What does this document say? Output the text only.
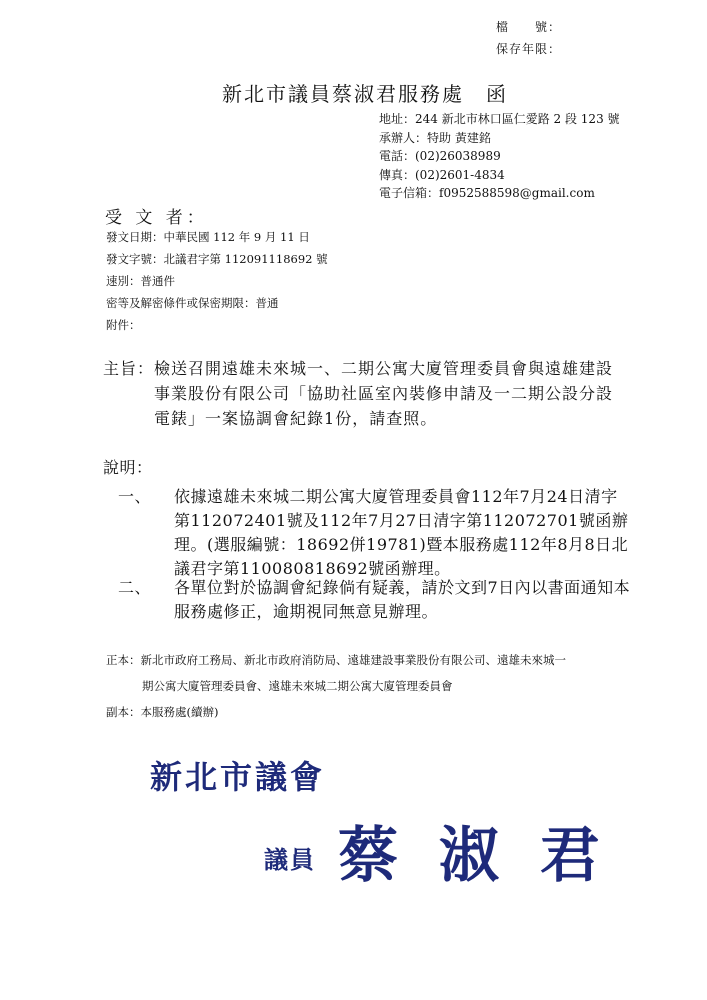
檔　　號：
保存年限：
新北市議員蔡淑君服務處　函
地址：244 新北市林口區仁愛路 2 段 123 號
承辦人：特助 黃建銘
電話：(02)26038989
傳真：(02)2601-4834
電子信箱：f0952588598@gmail.com
受 文 者：
發文日期：中華民國 112 年 9 月 11 日
發文字號：北議君字第 112091118692 號
速別：普通件
密等及解密條件或保密期限：普通
附件：
主旨：檢送召開遠雄未來城一、二期公寓大廈管理委員會與遠雄建設事業股份有限公司「協助社區室內裝修申請及一二期公設分設電錶」一案協調會紀錄1份，請查照。
說明：
一、 依據遠雄未來城二期公寓大廈管理委員會112年7月24日清字第112072401號及112年7月27日清字第112072701號函辦理。(選服編號：18692併19781)暨本服務處112年8月8日北議君字第110080818692號函辦理。
二、 各單位對於協調會紀錄倘有疑義，請於文到7日內以書面通知本服務處修正，逾期視同無意見辦理。
正本：新北市政府工務局、新北市政府消防局、遠雄建設事業股份有限公司、遠雄未來城一
期公寓大廈管理委員會、遠雄未來城二期公寓大廈管理委員會
副本：本服務處(續辦)
新北市議會
議員 蔡 淑 君
